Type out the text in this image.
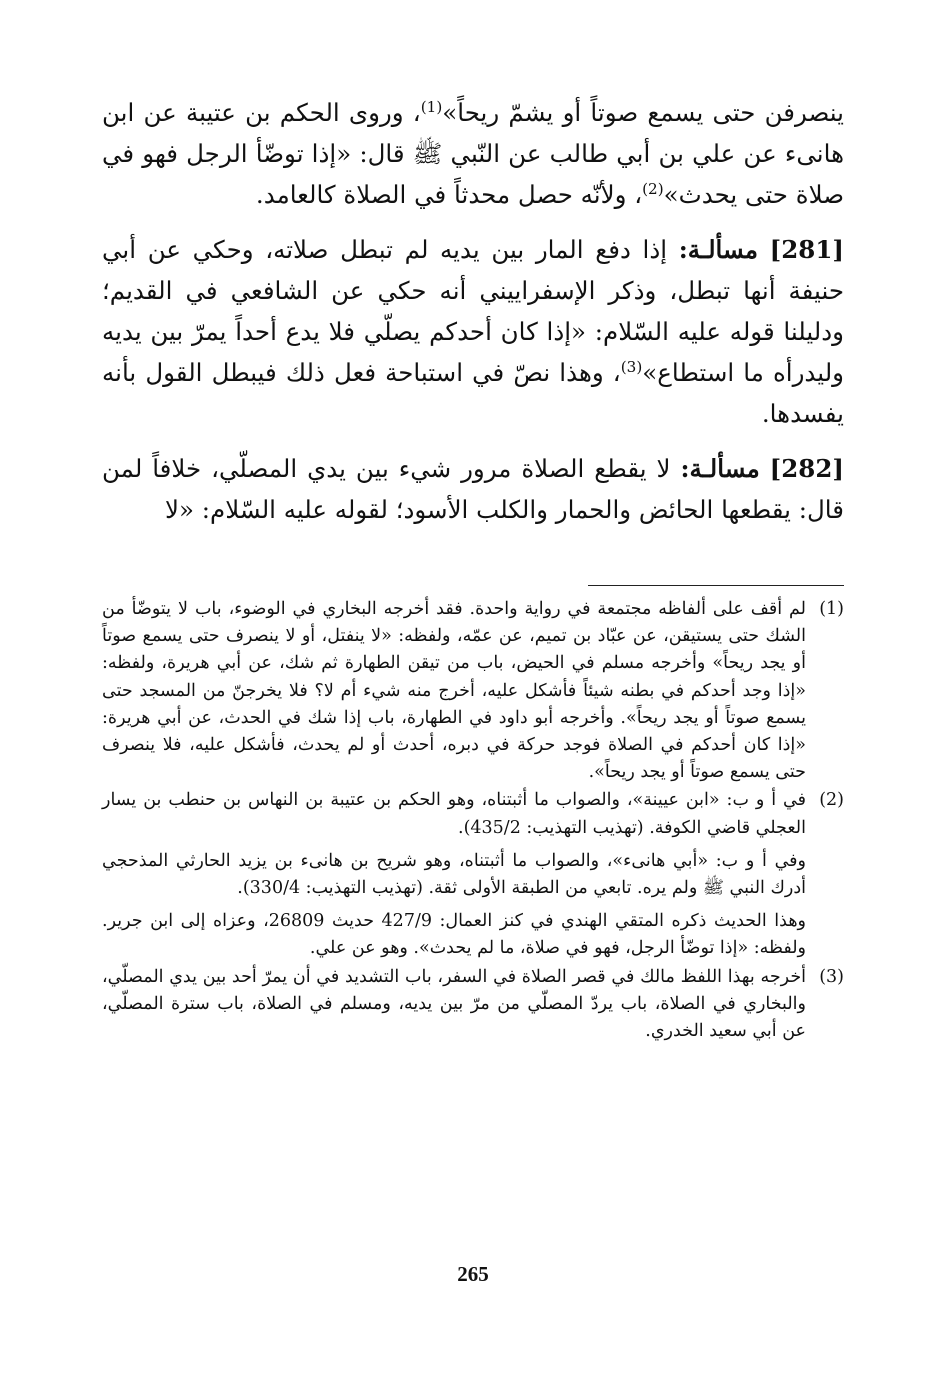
ينصرفن حتى يسمع صوتاً أو يشمّ ريحاً»$^{(1)}$، وروى الحكم بن عتيبة عن ابن هانىء عن علي بن أبي طالب عن النّبي ﷺ قال: «إذا توضّأ الرجل فهو في صلاة حتى يحدث»$^{(2)}$، ولأنّه حصل محدثاً في الصلاة كالعامد.

[281] مسألـة: إذا دفع المار بين يديه لم تبطل صلاته، وحكي عن أبي حنيفة أنها تبطل، وذكر الإسفراييني أنه حكي عن الشافعي في القديم؛ ودليلنا قوله عليه السّلام: «إذا كان أحدكم يصلّي فلا يدع أحداً يمرّ بين يديه وليدرأه ما استطاع»$^{(3)}$، وهذا نصّ في استباحة فعل ذلك فيبطل القول بأنه يفسدها.

[282] مسألـة: لا يقطع الصلاة مرور شيء بين يدي المصلّي، خلافاً لمن قال: يقطعها الحائض والحمار والكلب الأسود؛ لقوله عليه السّلام: «لا

(1)

لم أقف على ألفاظه مجتمعة في رواية واحدة. فقد أخرجه البخاري في الوضوء، باب لا يتوضّأ من الشك حتى يستيقن، عن عبّاد بن تميم، عن عمّه، ولفظه: «لا ينفتل، أو لا ينصرف حتى يسمع صوتاً أو يجد ريحاً» وأخرجه مسلم في الحيض، باب من تيقن الطهارة ثم شك، عن أبي هريرة، ولفظه: «إذا وجد أحدكم في بطنه شيئاً فأشكل عليه، أخرج منه شيء أم لا؟ فلا يخرجنّ من المسجد حتى يسمع صوتاً أو يجد ريحاً». وأخرجه أبو داود في الطهارة، باب إذا شك في الحدث، عن أبي هريرة: «إذا كان أحدكم في الصلاة فوجد حركة في دبره، أحدث أو لم يحدث، فأشكل عليه، فلا ينصرف حتى يسمع صوتاً أو يجد ريحاً».

(2)

في أ و ب: «ابن عيينة»، والصواب ما أثبتناه، وهو الحكم بن عتيبة بن النهاس بن حنطب بن يسار العجلي قاضي الكوفة. (تهذيب التهذيب: 435/2).

وفي أ و ب: «أبي هانىء»، والصواب ما أثبتناه، وهو شريح بن هانىء بن يزيد الحارثي المذحجي أدرك النبي ﷺ ولم يره. تابعي من الطبقة الأولى ثقة. (تهذيب التهذيب: 330/4).

وهذا الحديث ذكره المتقي الهندي في كنز العمال: 427/9 حديث 26809، وعزاه إلى ابن جرير. ولفظه: «إذا توضّأ الرجل، فهو في صلاة، ما لم يحدث». وهو عن علي.

(3)

أخرجه بهذا اللفظ مالك في قصر الصلاة في السفر، باب التشديد في أن يمرّ أحد بين يدي المصلّي، والبخاري في الصلاة، باب يردّ المصلّي من مرّ بين يديه، ومسلم في الصلاة، باب سترة المصلّي، عن أبي سعيد الخدري.

265
